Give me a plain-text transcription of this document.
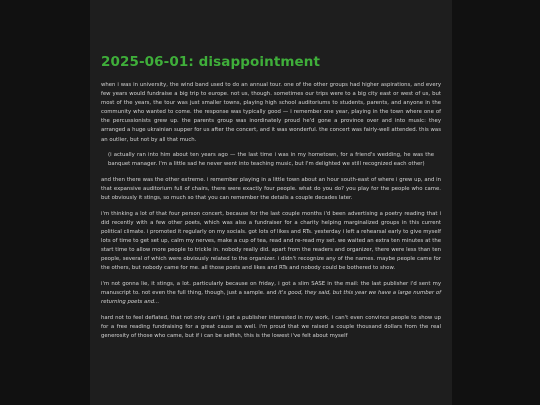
2025-06-01: disappointment

when i was in university, the wind band used to do an annual tour. one of the other groups had higher aspirations, and every few years would fundraise a big trip to europe. not us, though. sometimes our trips were to a big city east or west of us, but most of the years, the tour was just smaller towns, playing high school auditoriums to students, parents, and anyone in the community who wanted to come. the response was typically good — i remember one year, playing in the town where one of the percussionists grew up. the parents group was inordinately proud he'd gone a province over and into music: they arranged a huge ukrainian supper for us after the concert, and it was wonderful. the concert was fairly-well attended. this was an outlier, but not by all that much.

(i actually ran into him about ten years ago — the last time i was in my hometown, for a friend's wedding, he was the banquet manager. I'm a little sad he never went into teaching music, but I'm delighted we still recognized each other)

and then there was the other extreme. i remember playing in a little town about an hour south-east of where i grew up, and in that expansive auditorium full of chairs, there were exactly four people. what do you do? you play for the people who came. but obviously it stings, so much so that you can remember the details a couple decades later.

i'm thinking a lot of that four person concert, because for the last couple months i'd been advertising a poetry reading that i did recently with a few other poets, which was also a fundraiser for a charity helping marginalized groups in this current political climate. i promoted it regularly on my socials. got lots of likes and RTs. yesterday i left a rehearsal early to give myself lots of time to get set up, calm my nerves, make a cup of tea, read and re-read my set. we waited an extra ten minutes at the start time to allow more people to trickle in. nobody really did. apart from the readers and organizer, there were less than ten people, several of which were obviously related to the organizer. i didn't recognize any of the names. maybe people came for the others, but nobody came for me. all those posts and likes and RTs and nobody could be bothered to show.

i'm not gonna lie, it stings, a lot. particularly because on friday, i got a slim SASE in the mail: the last publisher i'd sent my manuscript to. not even the full thing, though, just a sample. and it's good, they said, but this year we have a large number of returning poets and...

hard not to feel deflated, that not only can't i get a publisher interested in my work, i can't even convince people to show up for a free reading fundraising for a great cause as well. i'm proud that we raised a couple thousand dollars from the real generosity of those who came, but if i can be selfish, this is the lowest i've felt about myself
